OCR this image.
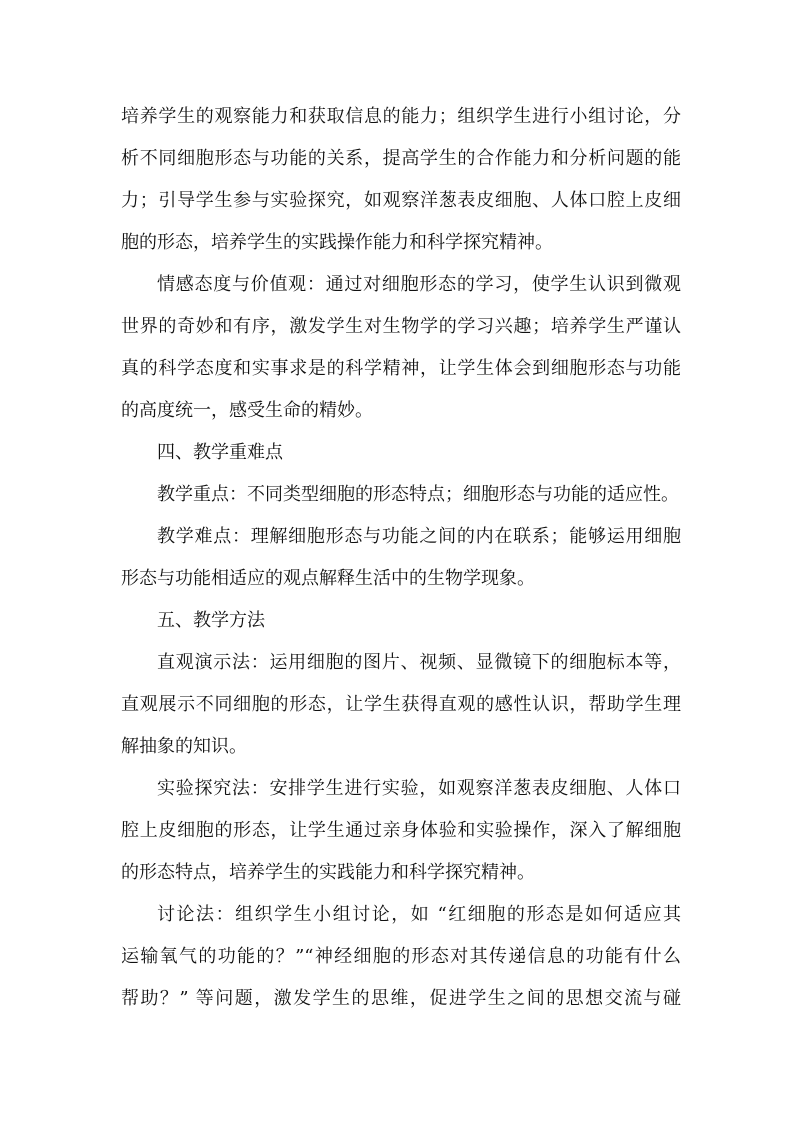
培养学生的观察能力和获取信息的能力；组织学生进行小组讨论，分
析不同细胞形态与功能的关系，提高学生的合作能力和分析问题的能
力；引导学生参与实验探究，如观察洋葱表皮细胞、人体口腔上皮细
胞的形态，培养学生的实践操作能力和科学探究精神。
情感态度与价值观：通过对细胞形态的学习，使学生认识到微观
世界的奇妙和有序，激发学生对生物学的学习兴趣；培养学生严谨认
真的科学态度和实事求是的科学精神，让学生体会到细胞形态与功能
的高度统一，感受生命的精妙。
四、教学重难点
教学重点：不同类型细胞的形态特点；细胞形态与功能的适应性。
教学难点：理解细胞形态与功能之间的内在联系；能够运用细胞
形态与功能相适应的观点解释生活中的生物学现象。
五、教学方法
直观演示法：运用细胞的图片、视频、显微镜下的细胞标本等，
直观展示不同细胞的形态，让学生获得直观的感性认识，帮助学生理
解抽象的知识。
实验探究法：安排学生进行实验，如观察洋葱表皮细胞、人体口
腔上皮细胞的形态，让学生通过亲身体验和实验操作，深入了解细胞
的形态特点，培养学生的实践能力和科学探究精神。
讨论法：组织学生小组讨论，如 “红细胞的形态是如何适应其
运输氧气的功能的？”“神经细胞的形态对其传递信息的功能有什么
帮助？” 等问题，激发学生的思维，促进学生之间的思想交流与碰
